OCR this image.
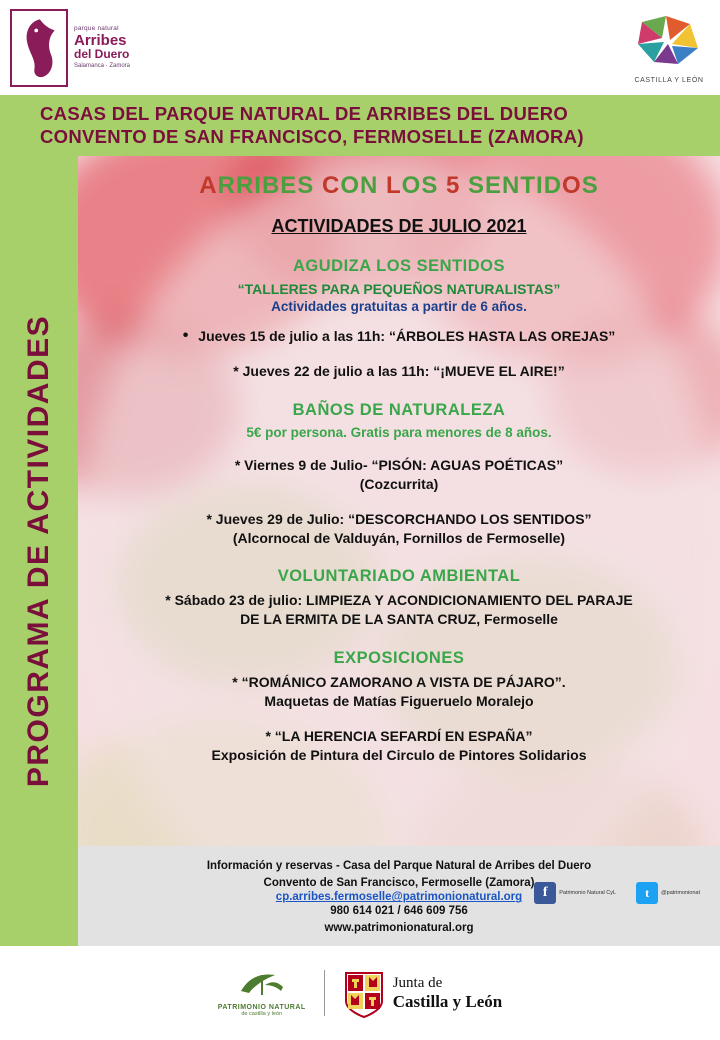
parque natural
Arribes
del Duero
Salamanca · Zamora
CASTILLA Y LEÓN
CASAS DEL PARQUE NATURAL DE ARRIBES DEL DUERO
CONVENTO DE SAN FRANCISCO, FERMOSELLE (ZAMORA)
PROGRAMA DE ACTIVIDADES
ARRIBES CON LOS 5 SENTIDOS
ACTIVIDADES DE JULIO 2021
AGUDIZA LOS SENTIDOS
“TALLERES PARA PEQUEÑOS NATURALISTAS”
Actividades gratuitas a partir de 6 años.
• Jueves 15 de julio a las 11h: “ÁRBOLES HASTA LAS OREJAS”
* Jueves 22 de julio a las 11h: “¡MUEVE EL AIRE!”
BAÑOS DE NATURALEZA
5€ por persona. Gratis para menores de 8 años.
* Viernes 9 de Julio- “PISÓN: AGUAS POÉTICAS”
(Cozcurrita)
* Jueves 29 de Julio: “DESCORCHANDO LOS SENTIDOS”
(Alcornocal de Valduyán, Fornillos de Fermoselle)
VOLUNTARIADO AMBIENTAL
* Sábado 23 de julio: LIMPIEZA Y ACONDICIONAMIENTO DEL PARAJE
DE LA ERMITA DE LA SANTA CRUZ, Fermoselle
EXPOSICIONES
* “ROMÁNICO ZAMORANO A VISTA DE PÁJARO”.
Maquetas de Matías Figueruelo Moralejo
* “LA HERENCIA SEFARDÍ EN ESPAÑA”
Exposición de Pintura del Circulo de Pintores Solidarios
Información y reservas - Casa del Parque Natural de Arribes del Duero
Convento de San Francisco, Fermoselle (Zamora)
cp.arribes.fermoselle@patrimonionatural.org
980 614 021 / 646 609 756
www.patrimonionatural.org
f	Patrimonio Natural CyL	t	@patrimonionat
PATRIMONIO NATURAL
de castilla y león
Junta de
Castilla y León
